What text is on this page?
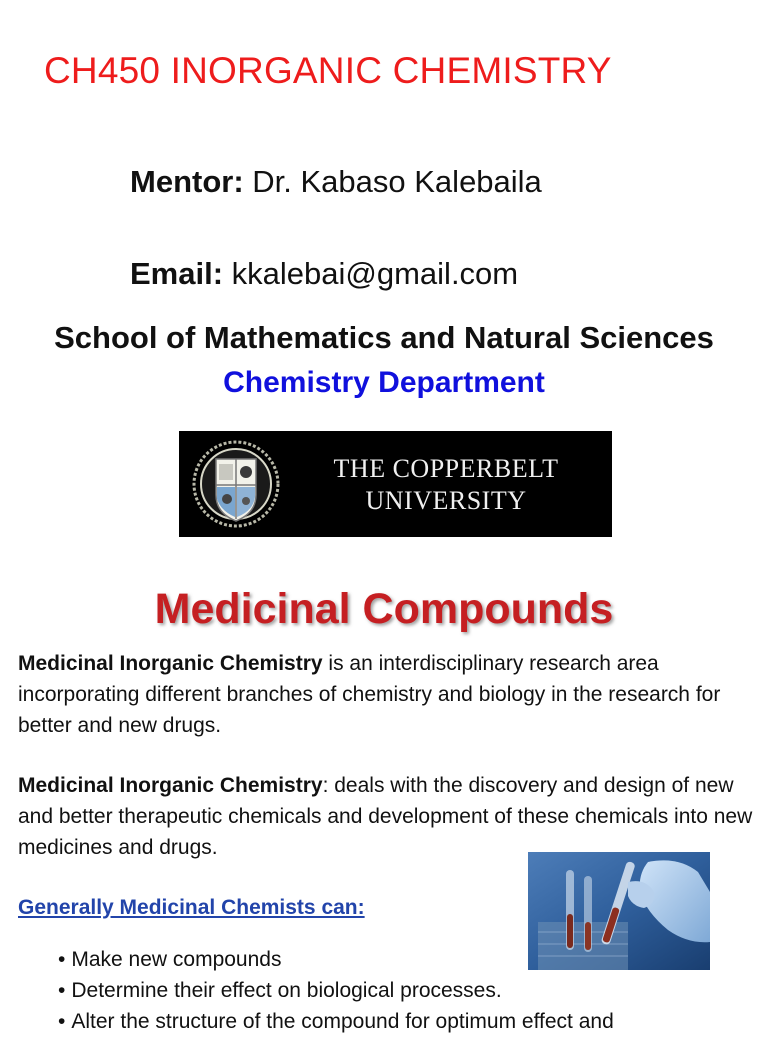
CH450 INORGANIC CHEMISTRY
Mentor: Dr. Kabaso Kalebaila
Email: kkalebai@gmail.com
School of Mathematics and Natural Sciences
Chemistry Department
THE COPPERBELT
UNIVERSITY
Medicinal Compounds
Medicinal Inorganic Chemistry is an interdisciplinary research area incorporating different branches of chemistry and biology in the research for better and new drugs.
Medicinal Inorganic Chemistry: deals with the discovery and design of new and better therapeutic chemicals and development of these chemicals into new medicines and drugs.
Generally Medicinal Chemists can:
• Make new compounds
• Determine their effect on biological processes.
• Alter the structure of the compound for optimum effect and
